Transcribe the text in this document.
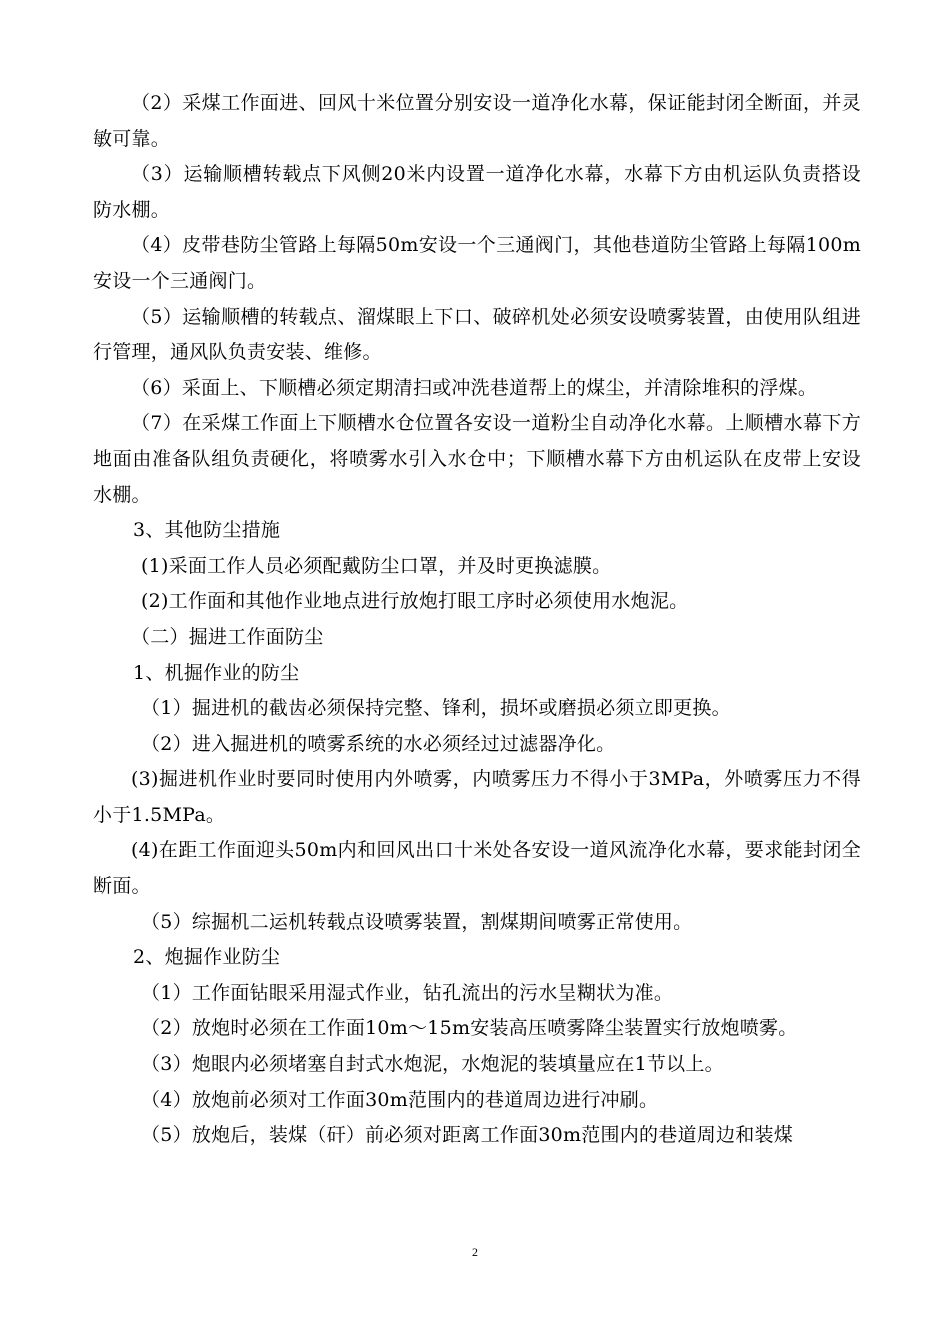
（2）采煤工作面进、回风十米位置分别安设一道净化水幕，保证能封闭全断面，并灵敏可靠。

（3）运输顺槽转载点下风侧20米内设置一道净化水幕，水幕下方由机运队负责搭设防水棚。

（4）皮带巷防尘管路上每隔50m安设一个三通阀门，其他巷道防尘管路上每隔100m安设一个三通阀门。

（5）运输顺槽的转载点、溜煤眼上下口、破碎机处必须安设喷雾装置，由使用队组进行管理，通风队负责安装、维修。

（6）采面上、下顺槽必须定期清扫或冲洗巷道帮上的煤尘，并清除堆积的浮煤。

（7）在采煤工作面上下顺槽水仓位置各安设一道粉尘自动净化水幕。上顺槽水幕下方地面由准备队组负责硬化，将喷雾水引入水仓中；下顺槽水幕下方由机运队在皮带上安设水棚。

3、其他防尘措施

(1)采面工作人员必须配戴防尘口罩，并及时更换滤膜。

(2)工作面和其他作业地点进行放炮打眼工序时必须使用水炮泥。

（二）掘进工作面防尘

1、机掘作业的防尘

（1）掘进机的截齿必须保持完整、锋利，损坏或磨损必须立即更换。

（2）进入掘进机的喷雾系统的水必须经过过滤器净化。

(3)掘进机作业时要同时使用内外喷雾，内喷雾压力不得小于3MPa，外喷雾压力不得小于1.5MPa。

(4)在距工作面迎头50m内和回风出口十米处各安设一道风流净化水幕，要求能封闭全断面。

（5）综掘机二运机转载点设喷雾装置，割煤期间喷雾正常使用。

2、炮掘作业防尘

（1）工作面钻眼采用湿式作业，钻孔流出的污水呈糊状为准。

（2）放炮时必须在工作面10m～15m安装高压喷雾降尘装置实行放炮喷雾。

（3）炮眼内必须堵塞自封式水炮泥，水炮泥的装填量应在1节以上。

（4）放炮前必须对工作面30m范围内的巷道周边进行冲刷。

（5）放炮后，装煤（矸）前必须对距离工作面30m范围内的巷道周边和装煤

2
